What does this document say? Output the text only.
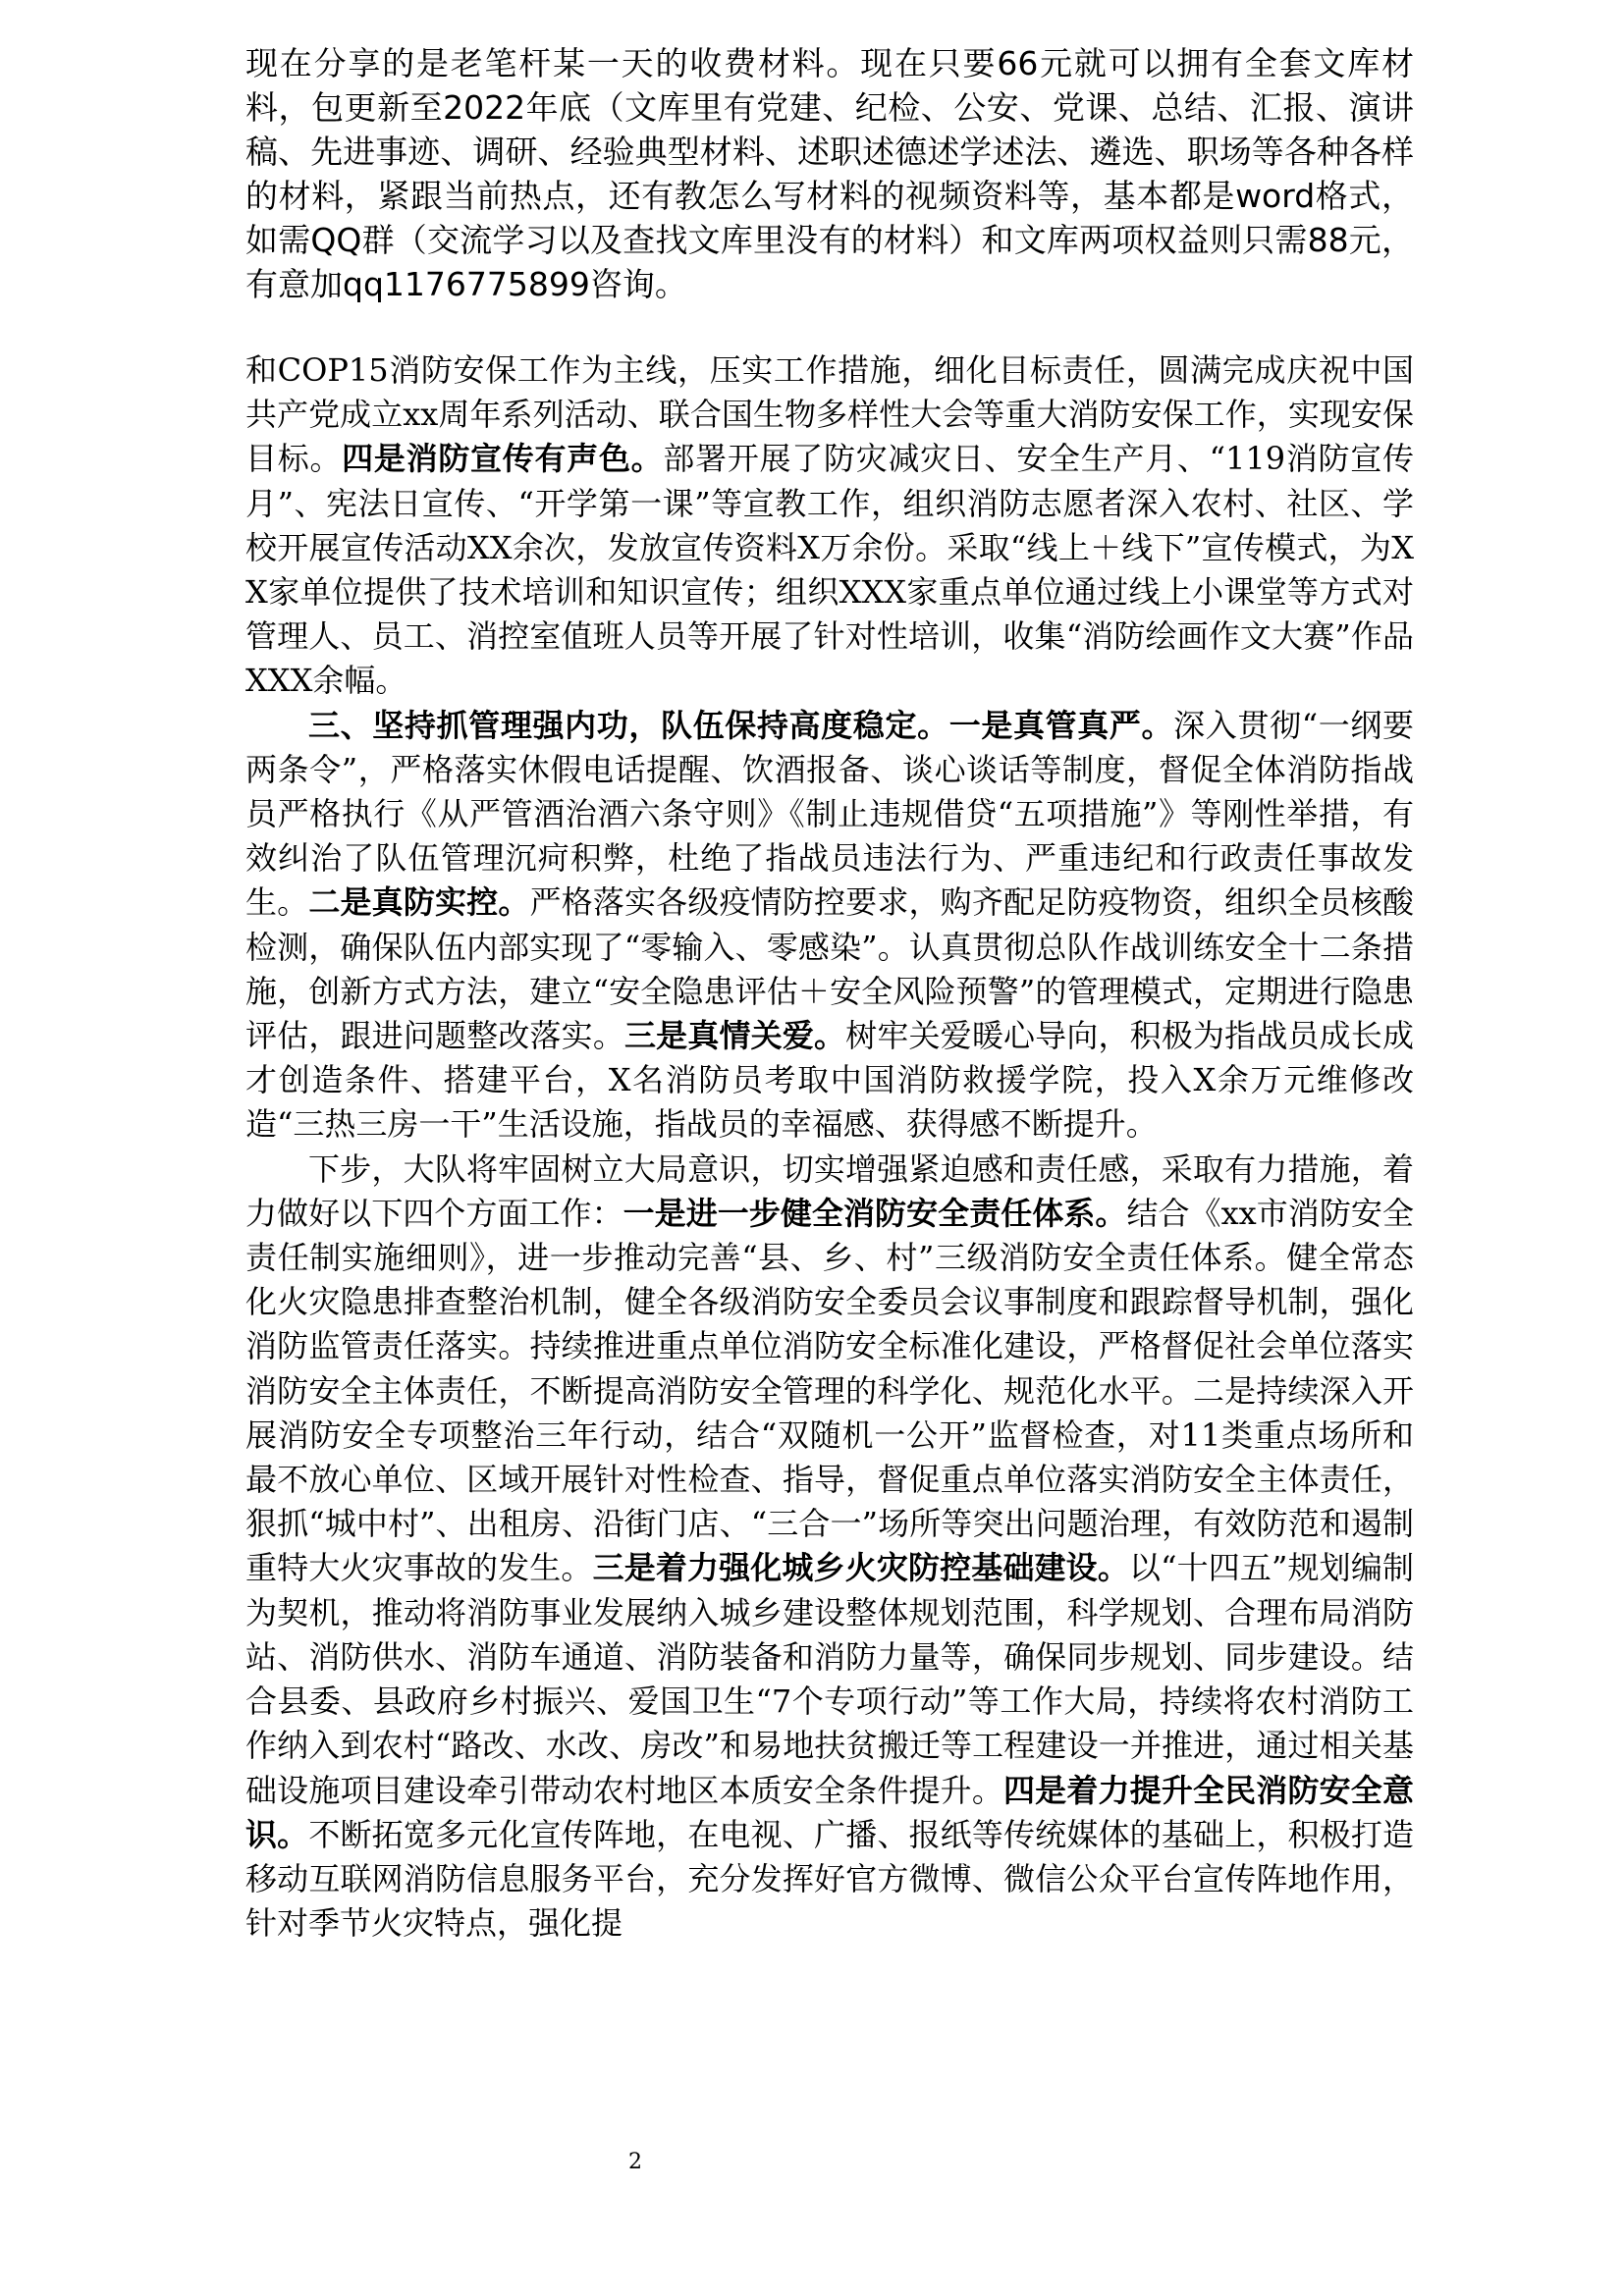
现在分享的是老笔杆某一天的收费材料。现在只要66元就可以拥有全套文库材料，包更新至2022年底（文库里有党建、纪检、公安、党课、总结、汇报、演讲稿、先进事迹、调研、经验典型材料、述职述德述学述法、遴选、职场等各种各样的材料，紧跟当前热点，还有教怎么写材料的视频资料等，基本都是word格式，如需QQ群（交流学习以及查找文库里没有的材料）和文库两项权益则只需88元，有意加qq1176775899咨询。

和COP15消防安保工作为主线，压实工作措施，细化目标责任，圆满完成庆祝中国共产党成立xx周年系列活动、联合国生物多样性大会等重大消防安保工作，实现安保目标。四是消防宣传有声色。部署开展了防灾减灾日、安全生产月、“119消防宣传月”、宪法日宣传、“开学第一课”等宣教工作，组织消防志愿者深入农村、社区、学校开展宣传活动XX余次，发放宣传资料X万余份。采取“线上＋线下”宣传模式，为XX家单位提供了技术培训和知识宣传；组织XXX家重点单位通过线上小课堂等方式对管理人、员工、消控室值班人员等开展了针对性培训，收集“消防绘画作文大赛”作品XXX余幅。

三、坚持抓管理强内功，队伍保持高度稳定。一是真管真严。深入贯彻“一纲要两条令”，严格落实休假电话提醒、饮酒报备、谈心谈话等制度，督促全体消防指战员严格执行《从严管酒治酒六条守则》《制止违规借贷“五项措施”》等刚性举措，有效纠治了队伍管理沉疴积弊，杜绝了指战员违法行为、严重违纪和行政责任事故发生。二是真防实控。严格落实各级疫情防控要求，购齐配足防疫物资，组织全员核酸检测，确保队伍内部实现了“零输入、零感染”。认真贯彻总队作战训练安全十二条措施，创新方式方法，建立“安全隐患评估＋安全风险预警”的管理模式，定期进行隐患评估，跟进问题整改落实。三是真情关爱。树牢关爱暖心导向，积极为指战员成长成才创造条件、搭建平台，X名消防员考取中国消防救援学院，投入X余万元维修改造“三热三房一干”生活设施，指战员的幸福感、获得感不断提升。

下步，大队将牢固树立大局意识，切实增强紧迫感和责任感，采取有力措施，着力做好以下四个方面工作：一是进一步健全消防安全责任体系。结合《xx市消防安全责任制实施细则》，进一步推动完善“县、乡、村”三级消防安全责任体系。健全常态化火灾隐患排查整治机制，健全各级消防安全委员会议事制度和跟踪督导机制，强化消防监管责任落实。持续推进重点单位消防安全标准化建设，严格督促社会单位落实消防安全主体责任，不断提高消防安全管理的科学化、规范化水平。二是持续深入开展消防安全专项整治三年行动，结合“双随机一公开”监督检查，对11类重点场所和最不放心单位、区域开展针对性检查、指导，督促重点单位落实消防安全主体责任，狠抓“城中村”、出租房、沿街门店、“三合一”场所等突出问题治理，有效防范和遏制重特大火灾事故的发生。三是着力强化城乡火灾防控基础建设。以“十四五”规划编制为契机，推动将消防事业发展纳入城乡建设整体规划范围，科学规划、合理布局消防站、消防供水、消防车通道、消防装备和消防力量等，确保同步规划、同步建设。结合县委、县政府乡村振兴、爱国卫生“7个专项行动”等工作大局，持续将农村消防工作纳入到农村“路改、水改、房改”和易地扶贫搬迁等工程建设一并推进，通过相关基础设施项目建设牵引带动农村地区本质安全条件提升。四是着力提升全民消防安全意识。不断拓宽多元化宣传阵地，在电视、广播、报纸等传统媒体的基础上，积极打造移动互联网消防信息服务平台，充分发挥好官方微博、微信公众平台宣传阵地作用，针对季节火灾特点，强化提

2
